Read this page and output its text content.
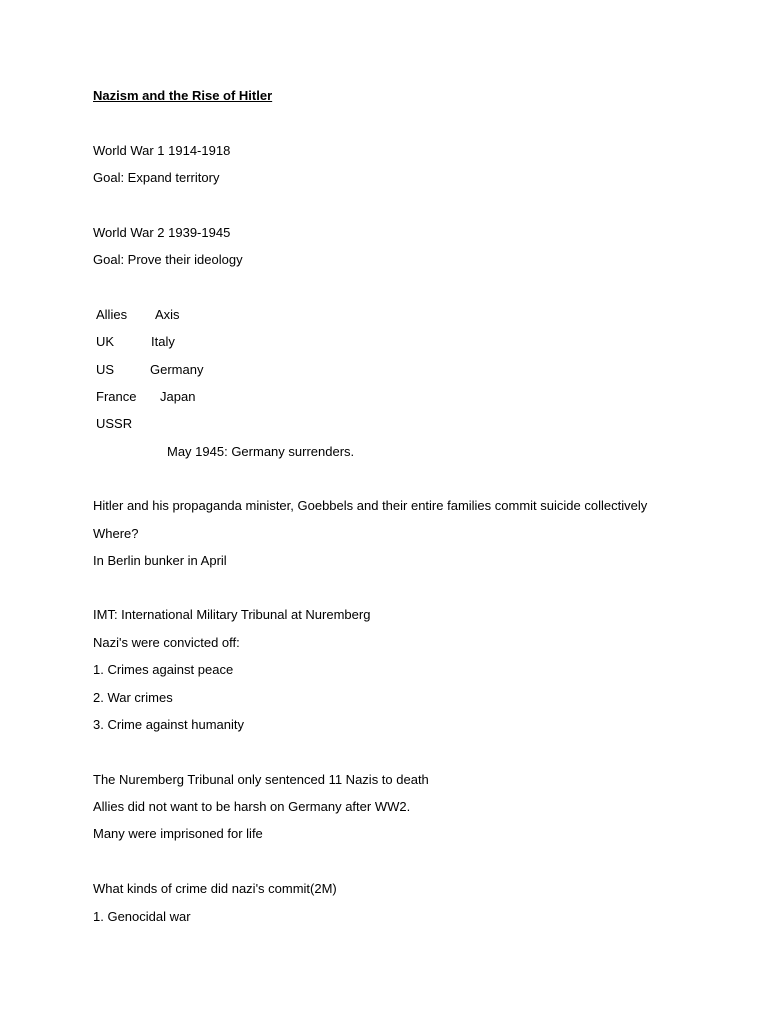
Nazism and the Rise of Hitler
World War 1 1914-1918
Goal: Expand territory
World War 2 1939-1945
Goal: Prove their ideology
Allies Axis
UK	Italy
US	Germany
France Japan
USSR
May 1945: Germany surrenders.
Hitler and his propaganda minister, Goebbels and their entire families commit suicide collectively
Where?
In Berlin bunker in April
IMT: International Military Tribunal at Nuremberg
Nazi's were convicted off:
1. Crimes against peace
2. War crimes
3. Crime against humanity
The Nuremberg Tribunal only sentenced 11 Nazis to death
Allies did not want to be harsh on Germany after WW2.
Many were imprisoned for life
What kinds of crime did nazi's commit(2M)
1. Genocidal war
